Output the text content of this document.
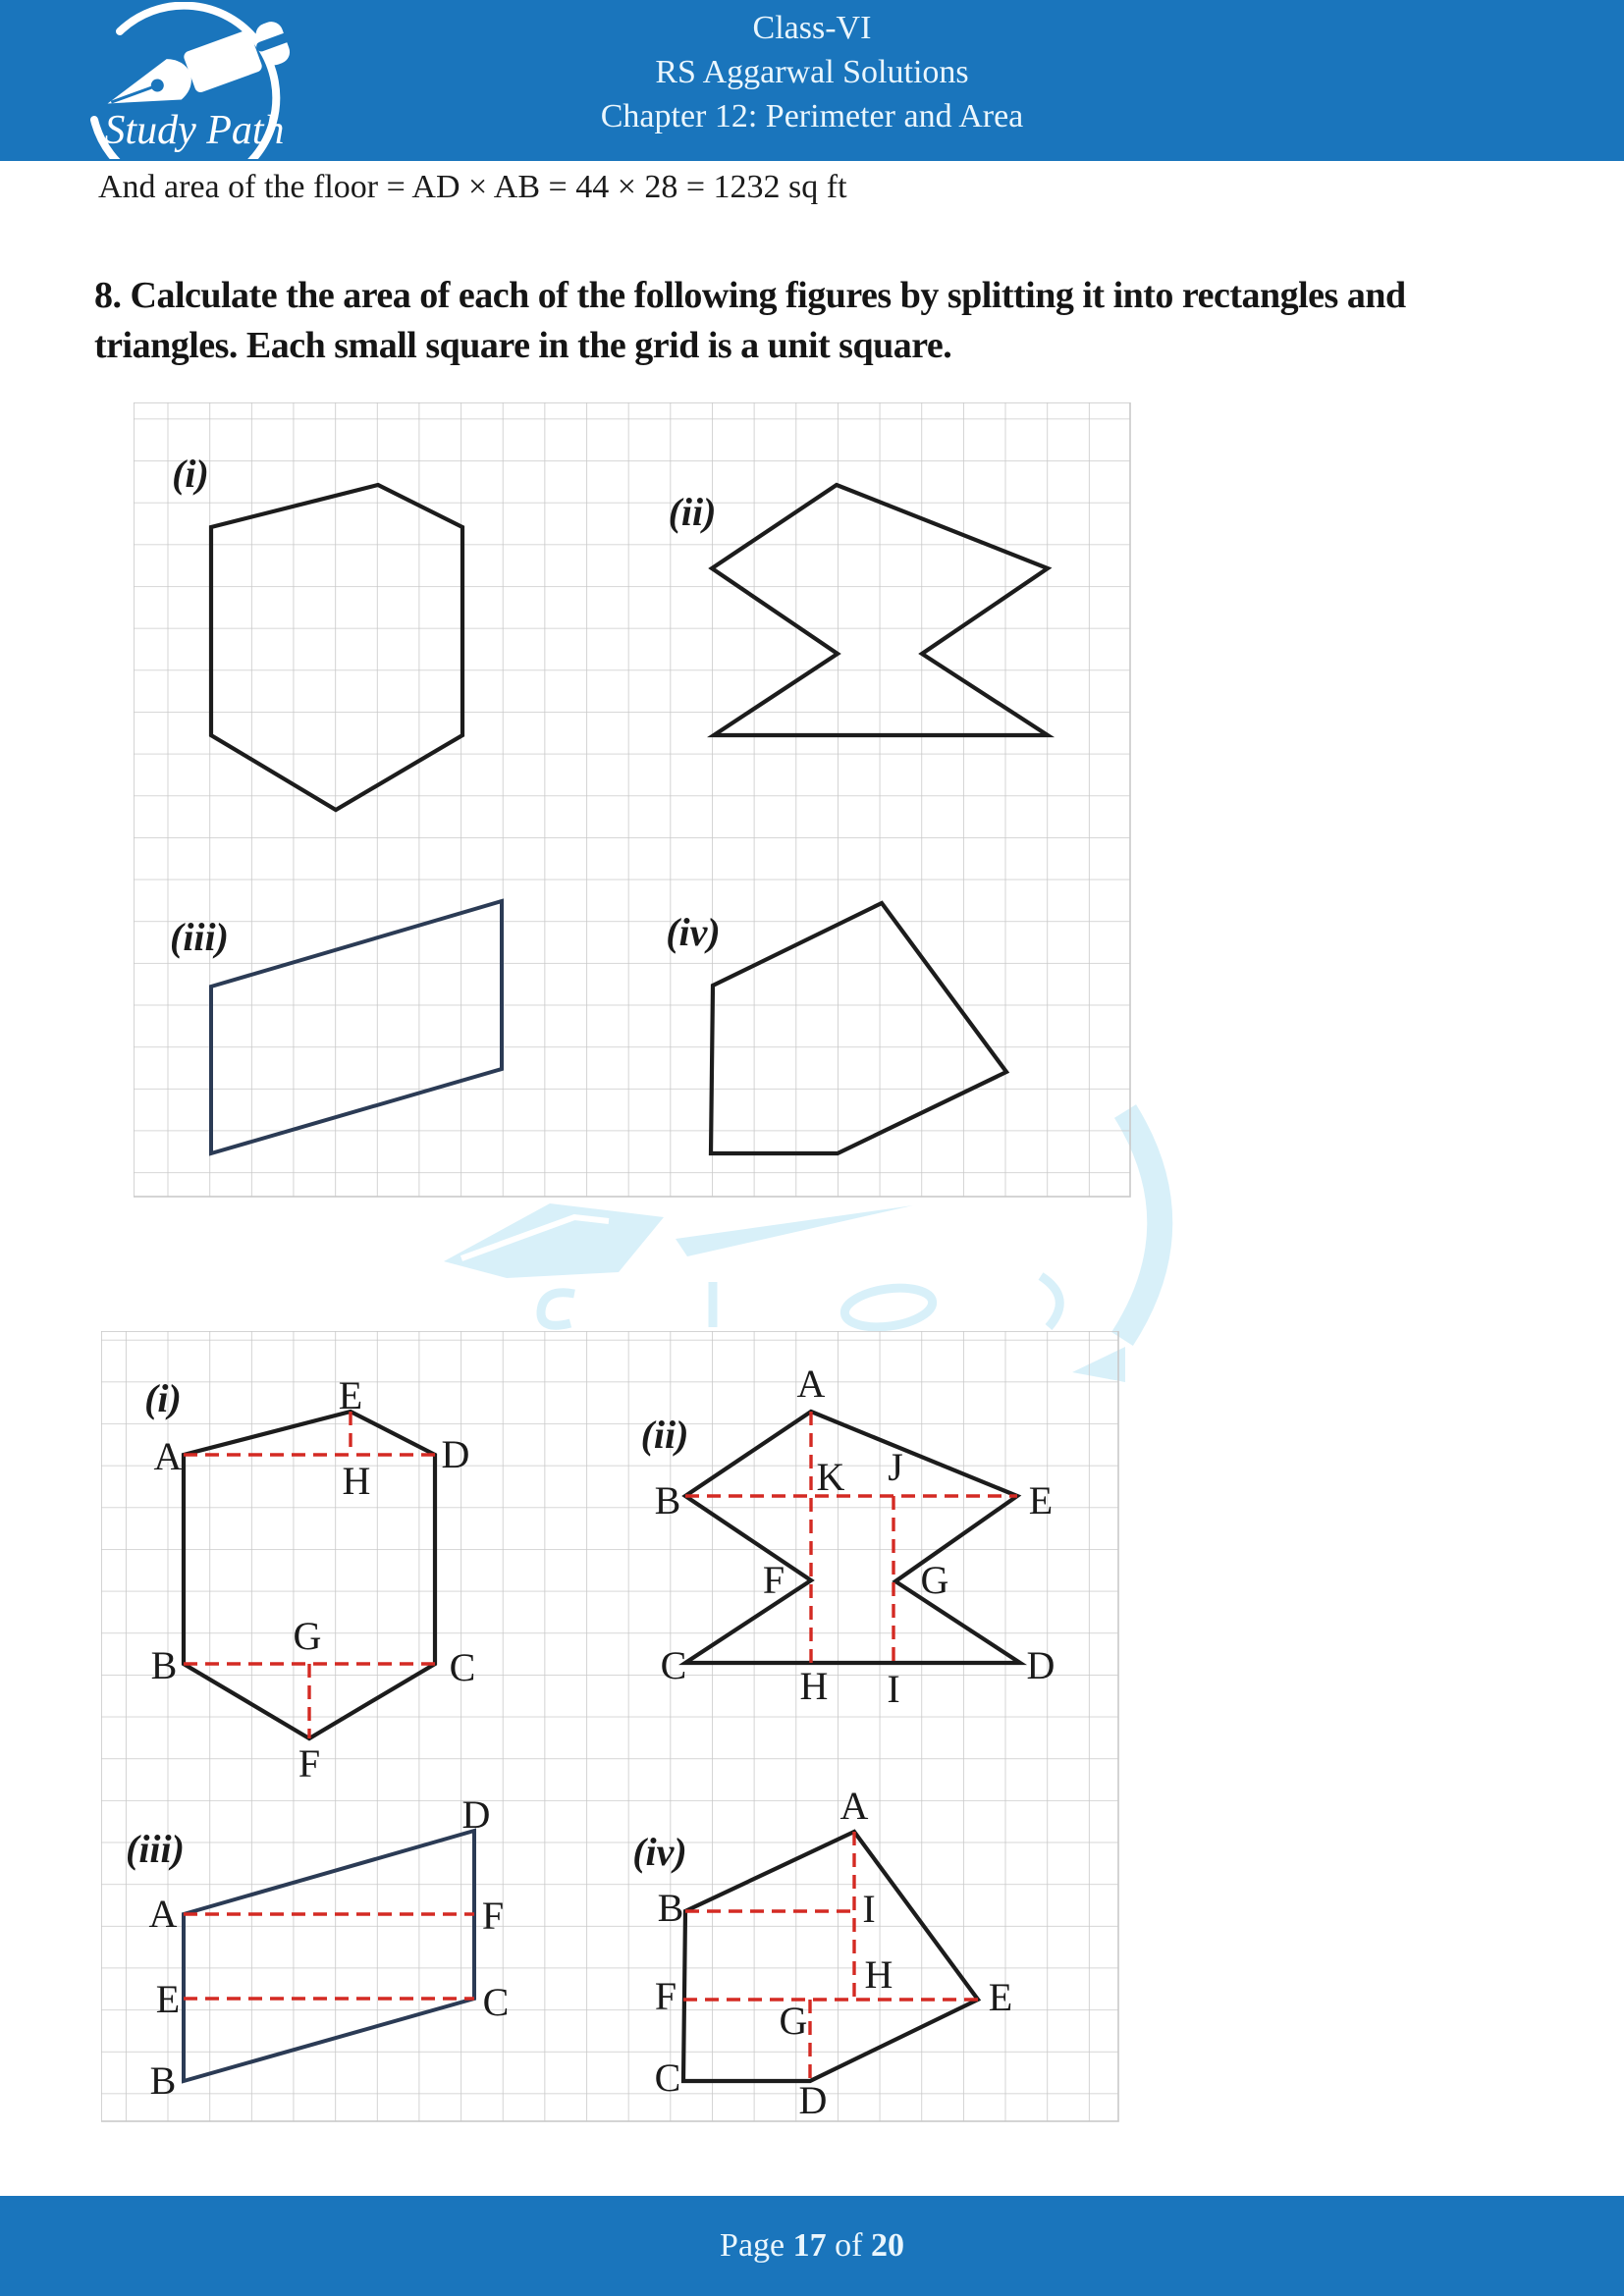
Study Path
Class-VI
RS Aggarwal Solutions
Chapter 12: Perimeter and Area
And area of the floor = AD × AB = 44 × 28 = 1232 sq ft
8. Calculate the area of each of the following figures by splitting it into rectangles and
triangles. Each small square in the grid is a unit square.
(i)
(ii)
(iii)	(iv)
(i)	E
A	D
H
B
G
C
F
(ii)
A
B
K J
E
F	G
C	D
H I
(iii)
D
A	F
E	C
B
(iv)
A
B	I
F	H
G
E
C
D
Page 17 of 20
